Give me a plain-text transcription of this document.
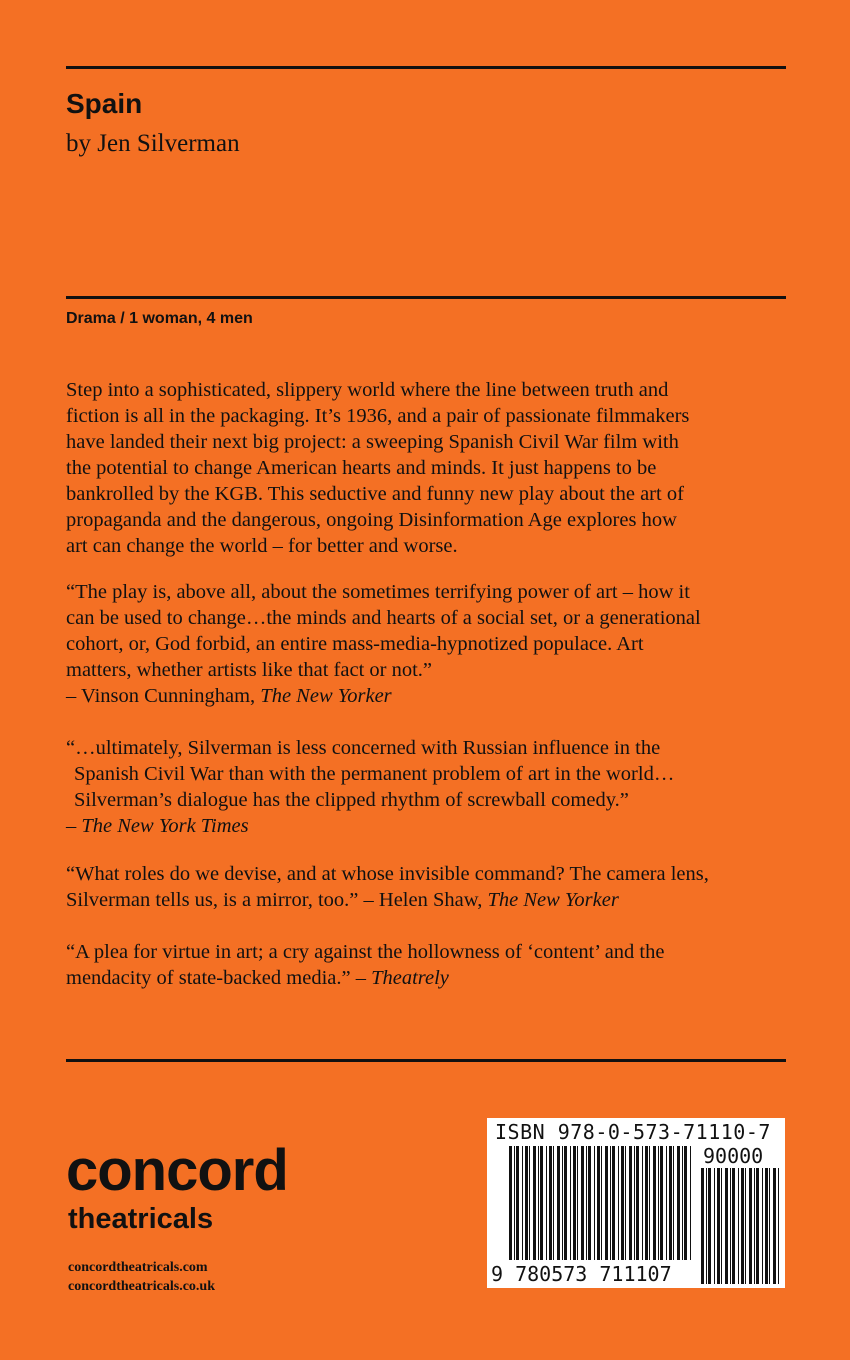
Spain
by Jen Silverman
Drama / 1 woman, 4 men
Step into a sophisticated, slippery world where the line between truth and
fiction is all in the packaging. It’s 1936, and a pair of passionate filmmakers
have landed their next big project: a sweeping Spanish Civil War film with
the potential to change American hearts and minds. It just happens to be
bankrolled by the KGB. This seductive and funny new play about the art of
propaganda and the dangerous, ongoing Disinformation Age explores how
art can change the world – for better and worse.
“The play is, above all, about the sometimes terrifying power of art – how it
can be used to change…the minds and hearts of a social set, or a generational
cohort, or, God forbid, an entire mass-media-hypnotized populace. Art
matters, whether artists like that fact or not.”
– Vinson Cunningham, The New Yorker
“…ultimately, Silverman is less concerned with Russian influence in the
Spanish Civil War than with the permanent problem of art in the world…
Silverman’s dialogue has the clipped rhythm of screwball comedy.”
– The New York Times
“What roles do we devise, and at whose invisible command? The camera lens,
Silverman tells us, is a mirror, too.” – Helen Shaw, The New Yorker
“A plea for virtue in art; a cry against the hollowness of ‘content’ and the
mendacity of state-backed media.” – Theatrely
concord
theatricals
concordtheatricals.com
concordtheatricals.co.uk
ISBN 978-0-573-71110-7
90000
9 780573 711107
